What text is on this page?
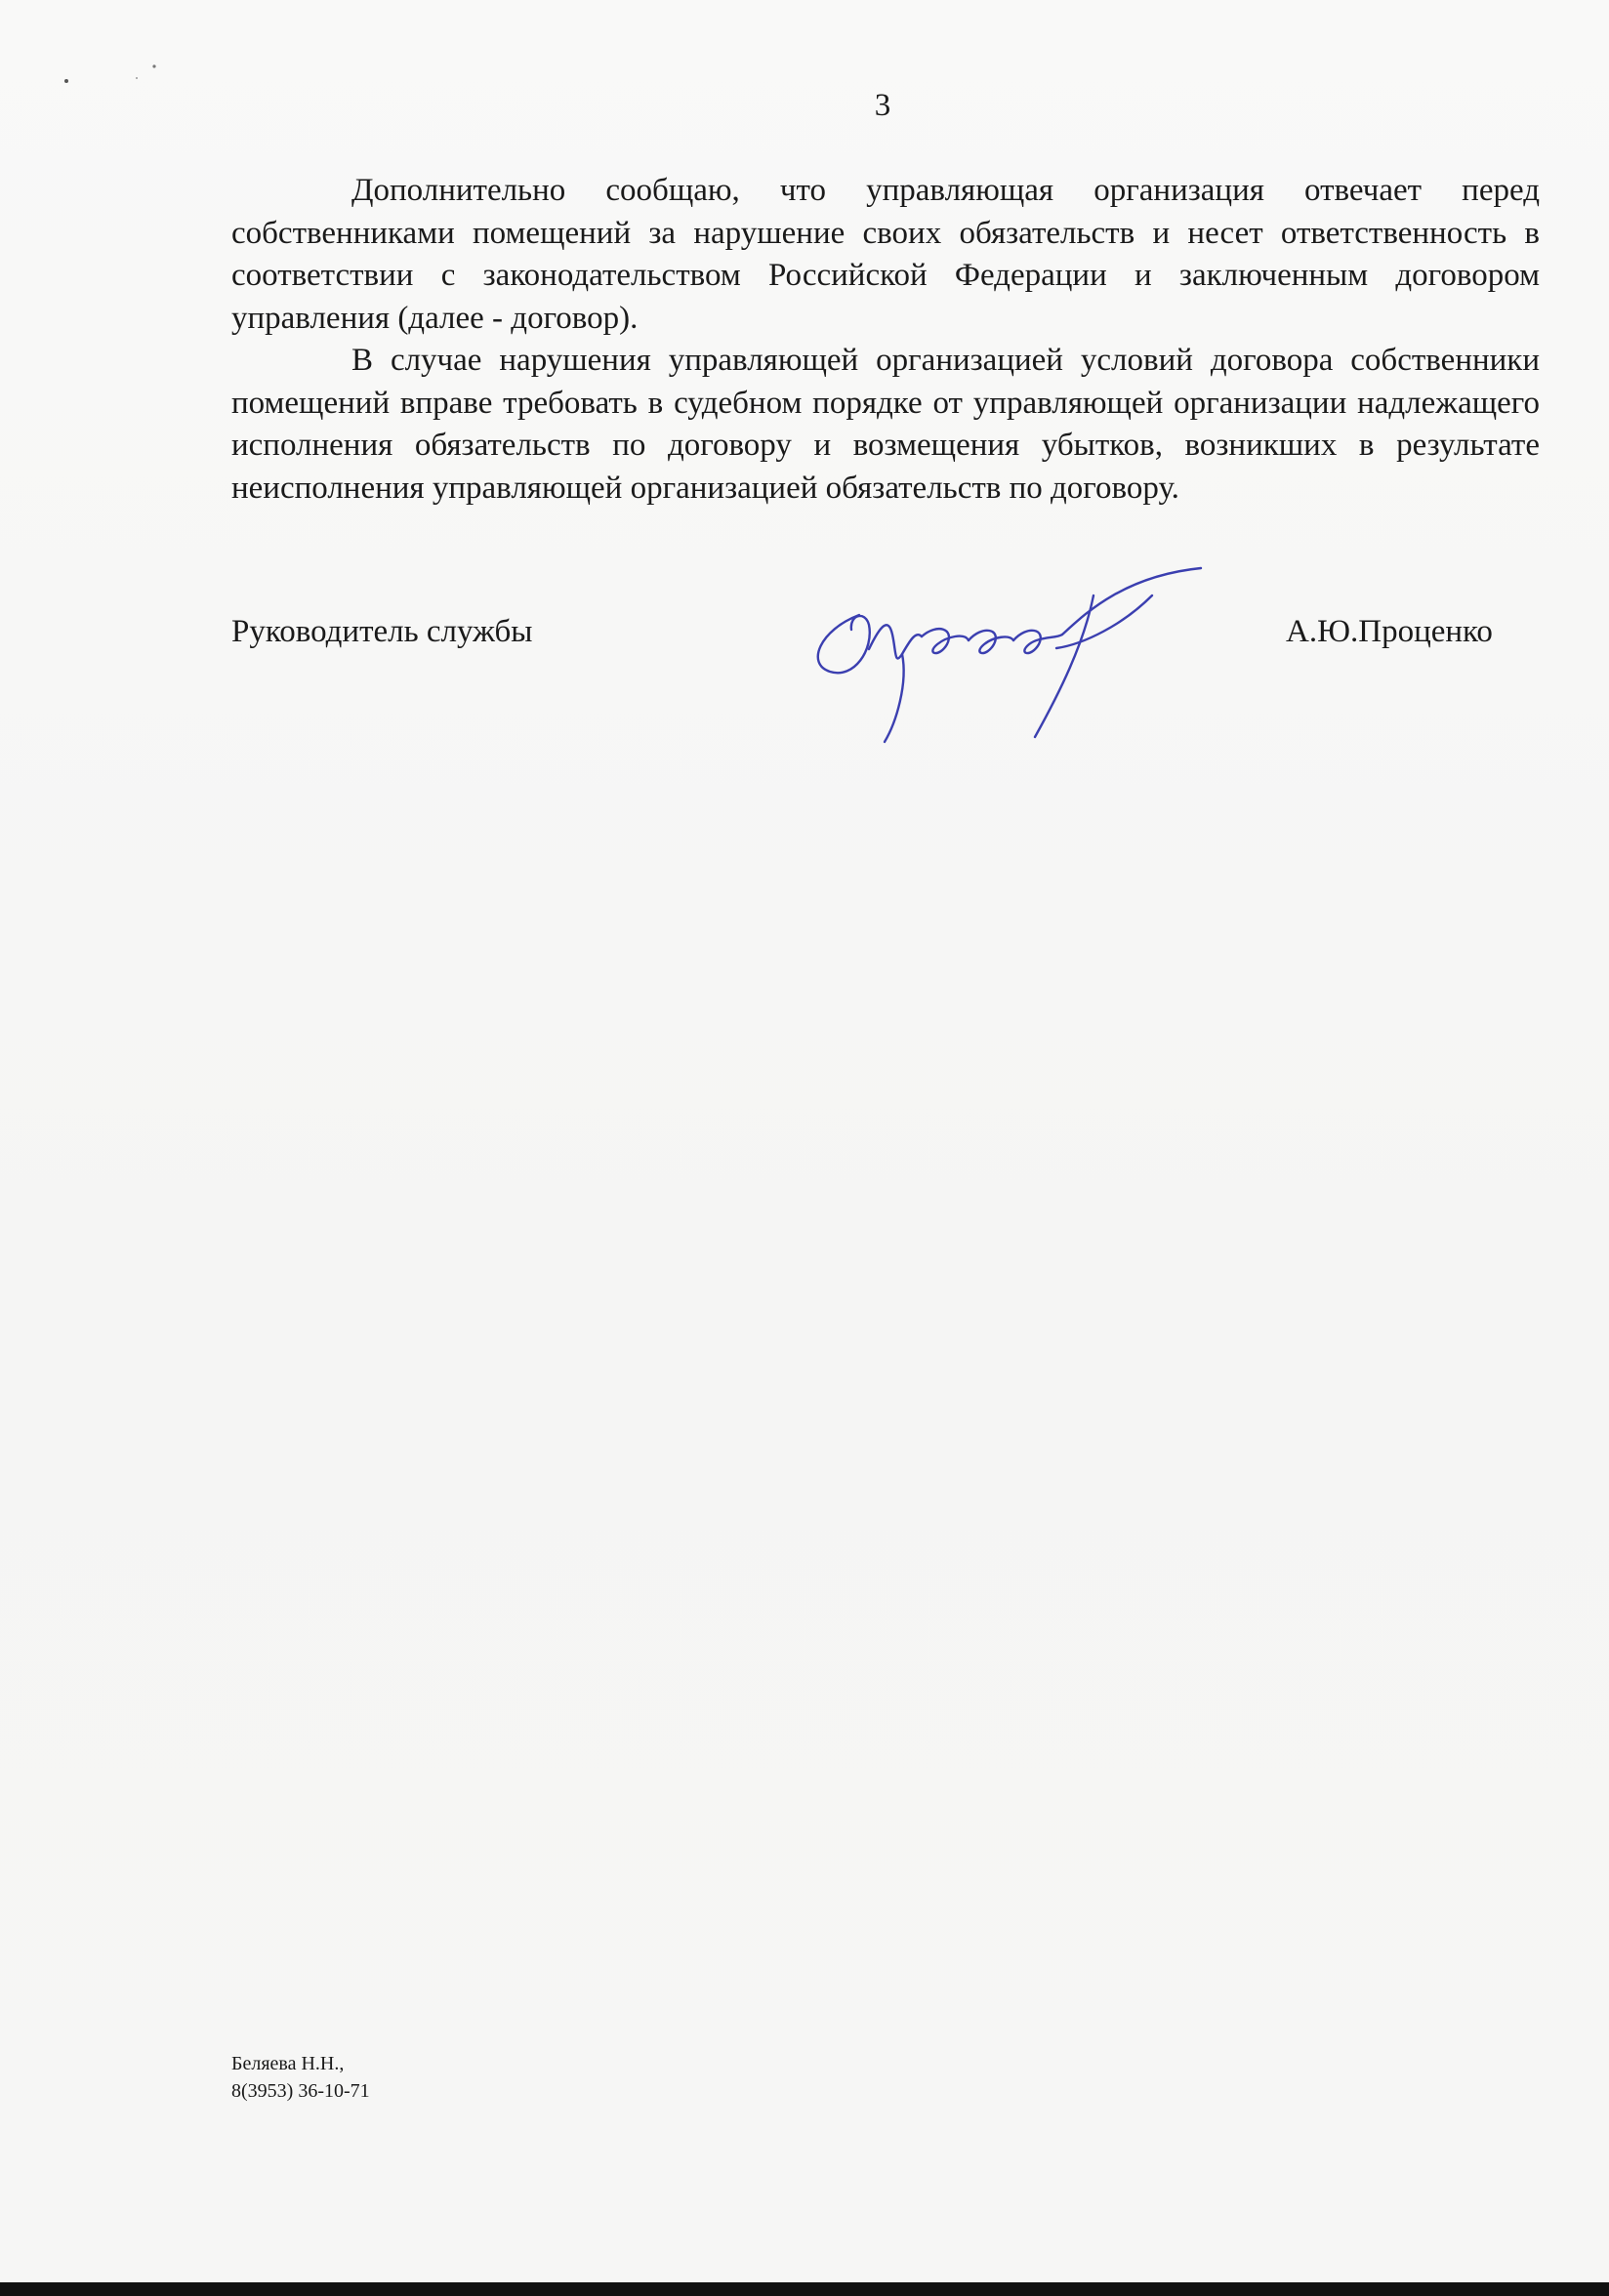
3

Дополнительно сообщаю, что управляющая организация отвечает перед собственниками помещений за нарушение своих обязательств и несет ответственность в соответствии с законодательством Российской Федерации и заключенным договором управления (далее - договор).

В случае нарушения управляющей организацией условий договора собственники помещений вправе требовать в судебном порядке от управляющей организации надлежащего исполнения обязательств по договору и возмещения убытков, возникших в результате неисполнения управляющей организацией обязательств по договору.

Руководитель службы	А.Ю.Проценко
Беляева Н.Н.,
8(3953) 36-10-71
